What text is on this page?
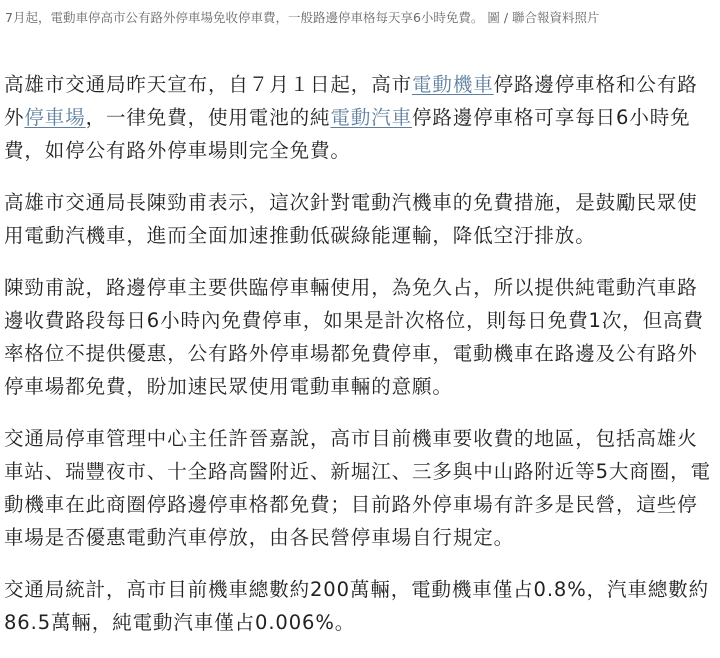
7月起，電動車停高市公有路外停車場免收停車費，一般路邊停車格每天享6小時免費。 圖 / 聯合報資料照片

高雄市交通局昨天宣布，自７月１日起，高市電動機車停路邊停車格和公有路外停車場，一律免費，使用電池的純電動汽車停路邊停車格可享每日6小時免費，如停公有路外停車場則完全免費。

高雄市交通局長陳勁甫表示，這次針對電動汽機車的免費措施，是鼓勵民眾使用電動汽機車，進而全面加速推動低碳綠能運輸，降低空汙排放。

陳勁甫說，路邊停車主要供臨停車輛使用，為免久占，所以提供純電動汽車路邊收費路段每日6小時內免費停車，如果是計次格位，則每日免費1次，但高費率格位不提供優惠，公有路外停車場都免費停車，電動機車在路邊及公有路外停車場都免費，盼加速民眾使用電動車輛的意願。

交通局停車管理中心主任許晉嘉說，高市目前機車要收費的地區，包括高雄火車站、瑞豐夜市、十全路高醫附近、新堀江、三多與中山路附近等5大商圈，電動機車在此商圈停路邊停車格都免費；目前路外停車場有許多是民營，這些停車場是否優惠電動汽車停放，由各民營停車場自行規定。

交通局統計，高市目前機車總數約200萬輛，電動機車僅占0.8%，汽車總數約86.5萬輛，純電動汽車僅占0.006%。
